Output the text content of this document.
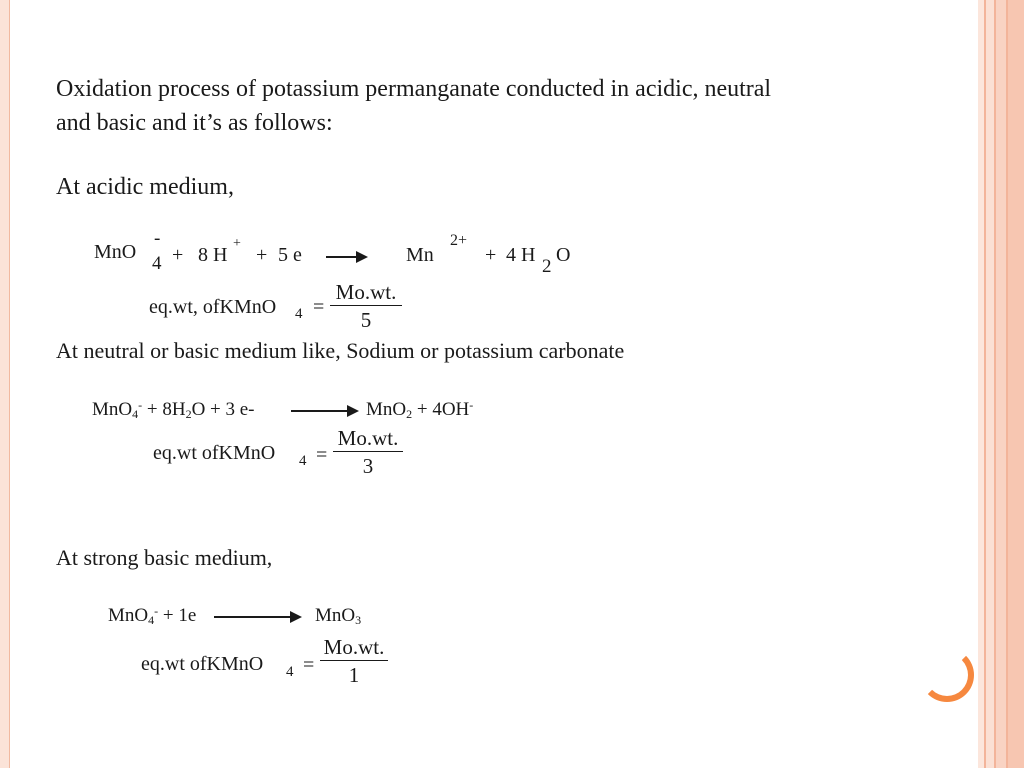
Oxidation process of potassium permanganate conducted in acidic, neutral
and basic and it’s as follows:
At acidic medium,
MnO
-
4 + 8 H
+
+ 5 e	Mn
2+
+ 4 H
2
O
eq.wt, ofKMnO $4 = \frac{Mo.wt.}{5}$
At neutral or basic medium like, Sodium or potassium carbonate
MnO4- + 8H2O + 3 e-	MnO2 + 4OH-
eq.wt ofKMnO $4 = \frac{Mo.wt.}{3}$
At strong basic medium,
MnO4- + 1e	MnO3
eq.wt ofKMnO $4 = \frac{Mo.wt.}{1}$
